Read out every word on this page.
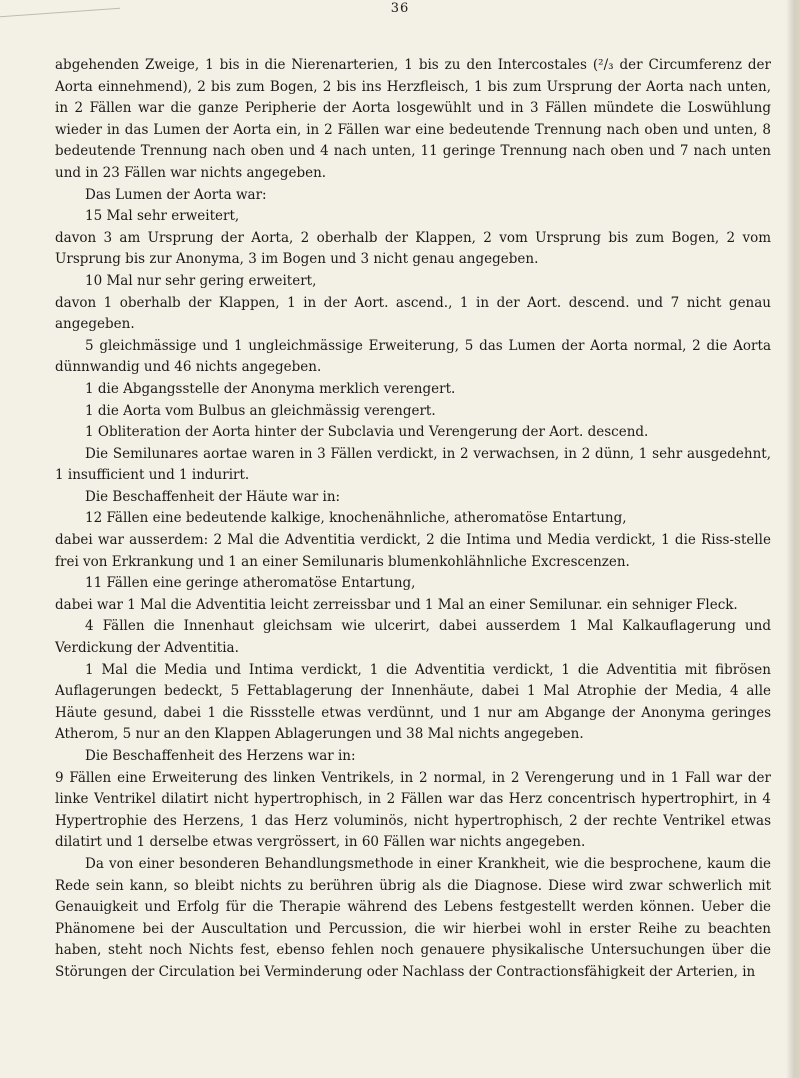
36

abgehenden Zweige, 1 bis in die Nierenarterien, 1 bis zu den Intercostales (²/₃ der Circumferenz der Aorta einnehmend), 2 bis zum Bogen, 2 bis ins Herzfleisch, 1 bis zum Ursprung der Aorta nach unten, in 2 Fällen war die ganze Peripherie der Aorta losgewühlt und in 3 Fällen mündete die Loswühlung wieder in das Lumen der Aorta ein, in 2 Fällen war eine bedeutende Trennung nach oben und unten, 8 bedeutende Trennung nach oben und 4 nach unten, 11 geringe Trennung nach oben und 7 nach unten und in 23 Fällen war nichts angegeben.

Das Lumen der Aorta war:

15 Mal sehr erweitert,

davon 3 am Ursprung der Aorta, 2 oberhalb der Klappen, 2 vom Ursprung bis zum Bogen, 2 vom Ursprung bis zur Anonyma, 3 im Bogen und 3 nicht genau angegeben.

10 Mal nur sehr gering erweitert,

davon 1 oberhalb der Klappen, 1 in der Aort. ascend., 1 in der Aort. descend. und 7 nicht genau angegeben.

5 gleichmässige und 1 ungleichmässige Erweiterung, 5 das Lumen der Aorta normal, 2 die Aorta dünnwandig und 46 nichts angegeben.

1 die Abgangsstelle der Anonyma merklich verengert.

1 die Aorta vom Bulbus an gleichmässig verengert.

1 Obliteration der Aorta hinter der Subclavia und Verengerung der Aort. descend.

Die Semilunares aortae waren in 3 Fällen verdickt, in 2 verwachsen, in 2 dünn, 1 sehr ausgedehnt, 1 insufficient und 1 indurirt.

Die Beschaffenheit der Häute war in:

12 Fällen eine bedeutende kalkige, knochenähnliche, atheromatöse Entartung,

dabei war ausserdem: 2 Mal die Adventitia verdickt, 2 die Intima und Media verdickt, 1 die Riss-stelle frei von Erkrankung und 1 an einer Semilunaris blumenkohlähnliche Excrescenzen.

11 Fällen eine geringe atheromatöse Entartung,

dabei war 1 Mal die Adventitia leicht zerreissbar und 1 Mal an einer Semilunar. ein sehniger Fleck.

4 Fällen die Innenhaut gleichsam wie ulcerirt, dabei ausserdem 1 Mal Kalkauflagerung und Verdickung der Adventitia.

1 Mal die Media und Intima verdickt, 1 die Adventitia verdickt, 1 die Adventitia mit fibrösen Auflagerungen bedeckt, 5 Fettablagerung der Innenhäute, dabei 1 Mal Atrophie der Media, 4 alle Häute gesund, dabei 1 die Rissstelle etwas verdünnt, und 1 nur am Abgange der Anonyma geringes Atherom, 5 nur an den Klappen Ablagerungen und 38 Mal nichts angegeben.

Die Beschaffenheit des Herzens war in:

9 Fällen eine Erweiterung des linken Ventrikels, in 2 normal, in 2 Verengerung und in 1 Fall war der linke Ventrikel dilatirt nicht hypertrophisch, in 2 Fällen war das Herz concentrisch hypertrophirt, in 4 Hypertrophie des Herzens, 1 das Herz voluminös, nicht hypertrophisch, 2 der rechte Ventrikel etwas dilatirt und 1 derselbe etwas vergrössert, in 60 Fällen war nichts angegeben.

Da von einer besonderen Behandlungsmethode in einer Krankheit, wie die besprochene, kaum die Rede sein kann, so bleibt nichts zu berühren übrig als die Diagnose. Diese wird zwar schwerlich mit Genauigkeit und Erfolg für die Therapie während des Lebens festgestellt werden können. Ueber die Phänomene bei der Auscultation und Percussion, die wir hierbei wohl in erster Reihe zu beachten haben, steht noch Nichts fest, ebenso fehlen noch genauere physikalische Untersuchungen über die Störungen der Circulation bei Verminderung oder Nachlass der Contractionsfähigkeit der Arterien, in
